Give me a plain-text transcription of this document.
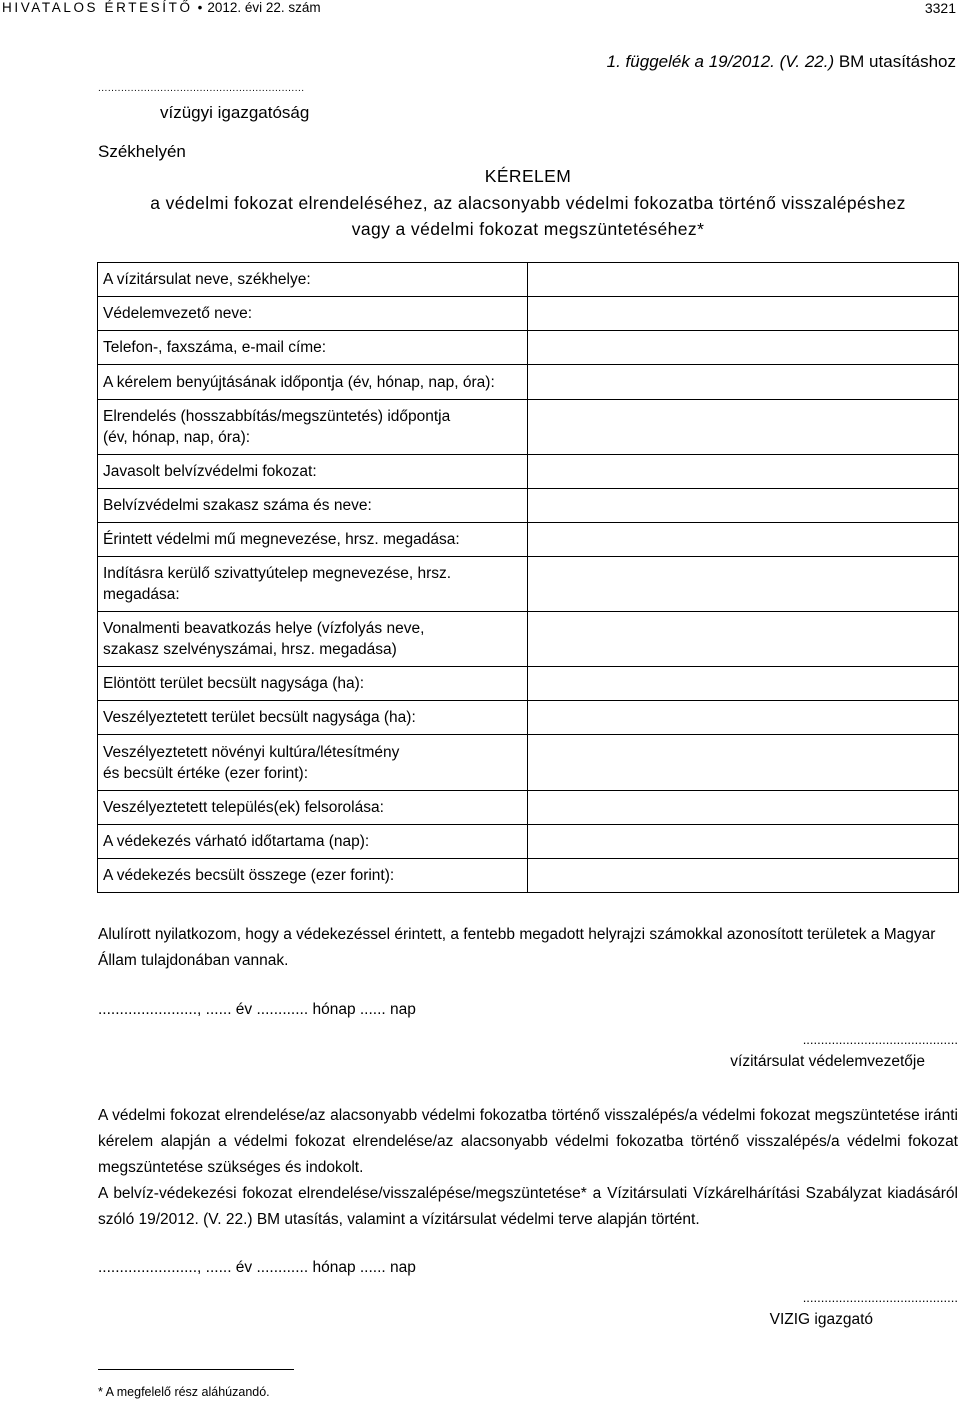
HIVATALOS ÉRTESÍTŐ • 2012. évi 22. szám	3321
1. függelék a 19/2012. (V. 22.) BM utasításhoz
...............................................................
vízügyi igazgatóság
Székhelyén
KÉRELEM
a védelmi fokozat elrendeléséhez, az alacsonyabb védelmi fokozatba történő visszalépéshez
vagy a védelmi fokozat megszüntetéséhez*
A vízitársulat neve, székhelye:	

Védelemvezető neve:	

Telefon-, faxszáma, e-mail címe:	

A kérelem benyújtásának időpontja (év, hónap, nap, óra):	

Elrendelés (hosszabbítás/megszüntetés) időpontja
(év, hónap, nap, óra):	

Javasolt belvízvédelmi fokozat:	

Belvízvédelmi szakasz száma és neve:	

Érintett védelmi mű megnevezése, hrsz. megadása:	

Indításra kerülő szivattyútelep megnevezése, hrsz.
megadása:	

Vonalmenti beavatkozás helye (vízfolyás neve,
szakasz szelvényszámai, hrsz. megadása)	

Elöntött terület becsült nagysága (ha):	

Veszélyeztetett terület becsült nagysága (ha):	

Veszélyeztetett növényi kultúra/létesítmény
és becsült értéke (ezer forint):	

Veszélyeztetett település(ek) felsorolása:	

A védekezés várható időtartama (nap):	

A védekezés becsült összege (ezer forint):	

Alulírott nyilatkozom, hogy a védekezéssel érintett, a fentebb megadott helyrajzi számokkal azonosított területek a Magyar Állam tulajdonában vannak.
......................., ...... év ............ hónap ...... nap
...........................................
vízitársulat védelemvezetője
A védelmi fokozat elrendelése/az alacsonyabb védelmi fokozatba történő visszalépés/a védelmi fokozat megszüntetése iránti kérelem alapján a védelmi fokozat elrendelése/az alacsonyabb védelmi fokozatba történő visszalépés/a védelmi fokozat megszüntetése szükséges és indokolt.
A belvíz-védekezési fokozat elrendelése/visszalépése/megszüntetése* a Vízitársulati Vízkárelhárítási Szabályzat kiadásáról szóló 19/2012. (V. 22.) BM utasítás, valamint a vízitársulat védelmi terve alapján történt.
......................., ...... év ............ hónap ...... nap
...........................................
VIZIG igazgató
* A megfelelő rész aláhúzandó.
